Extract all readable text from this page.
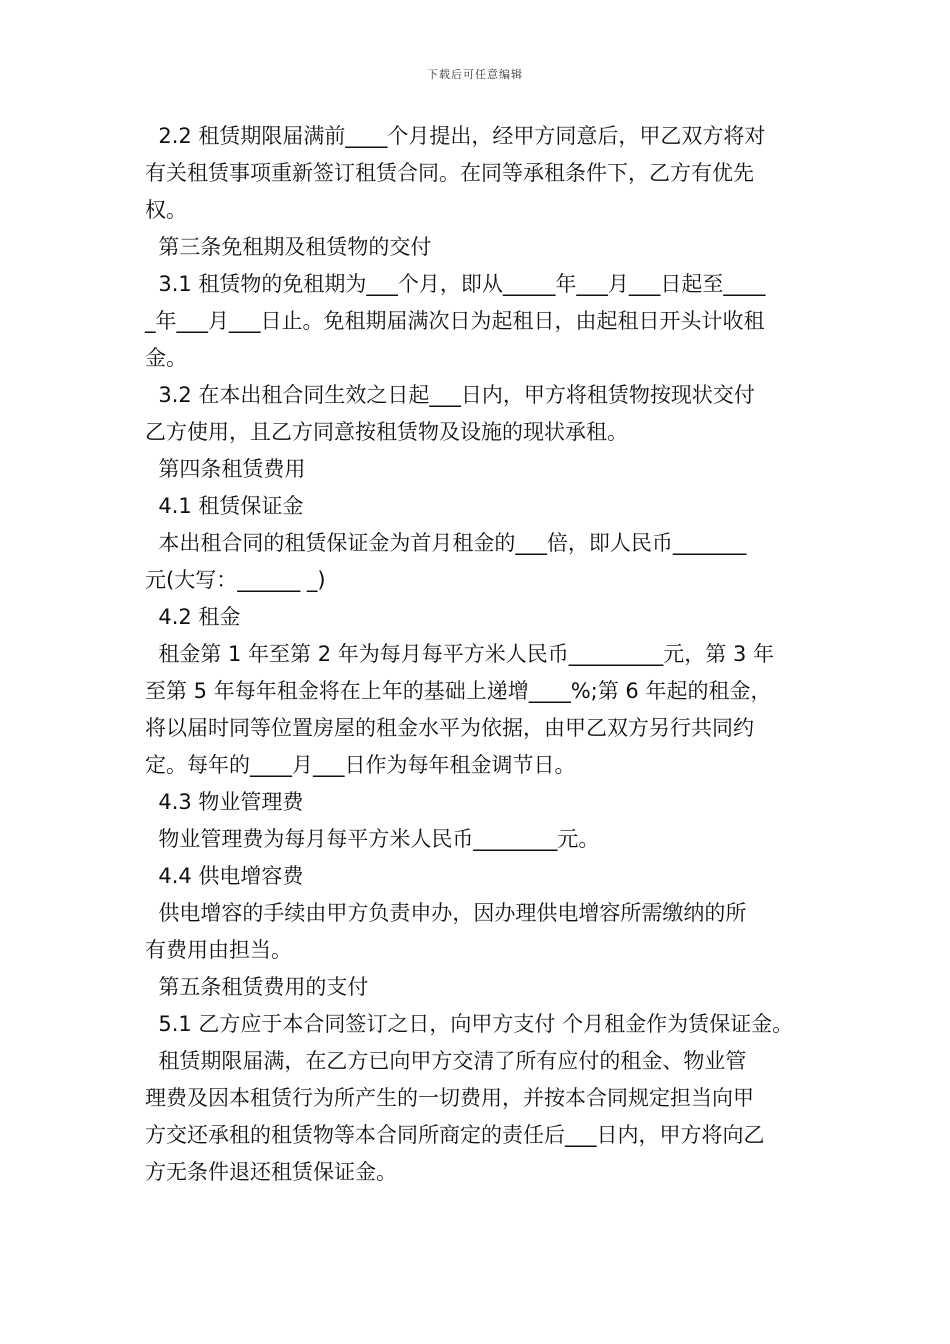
下载后可任意编辑
2.2 租赁期限届满前____个月提出，经甲方同意后，甲乙双方将对
有关租赁事项重新签订租赁合同。在同等承租条件下，乙方有优先
权。
第三条免租期及租赁物的交付
3.1 租赁物的免租期为___个月，即从_____年___月___日起至____
_年___月___日止。免租期届满次日为起租日，由起租日开头计收租
金。
3.2 在本出租合同生效之日起___日内，甲方将租赁物按现状交付
乙方使用，且乙方同意按租赁物及设施的现状承租。
第四条租赁费用
4.1 租赁保证金
本出租合同的租赁保证金为首月租金的___倍，即人民币_______
元(大写：______ _)
4.2 租金
租金第 1 年至第 2 年为每月每平方米人民币_________元，第 3 年
至第 5 年每年租金将在上年的基础上递增____%;第 6 年起的租金，
将以届时同等位置房屋的租金水平为依据，由甲乙双方另行共同约
定。每年的____月___日作为每年租金调节日。
4.3 物业管理费
物业管理费为每月每平方米人民币________元。
4.4 供电增容费
供电增容的手续由甲方负责申办，因办理供电增容所需缴纳的所
有费用由担当。
第五条租赁费用的支付
5.1 乙方应于本合同签订之日，向甲方支付 个月租金作为赁保证金。
租赁期限届满，在乙方已向甲方交清了所有应付的租金、物业管
理费及因本租赁行为所产生的一切费用，并按本合同规定担当向甲
方交还承租的租赁物等本合同所商定的责任后___日内，甲方将向乙
方无条件退还租赁保证金。
